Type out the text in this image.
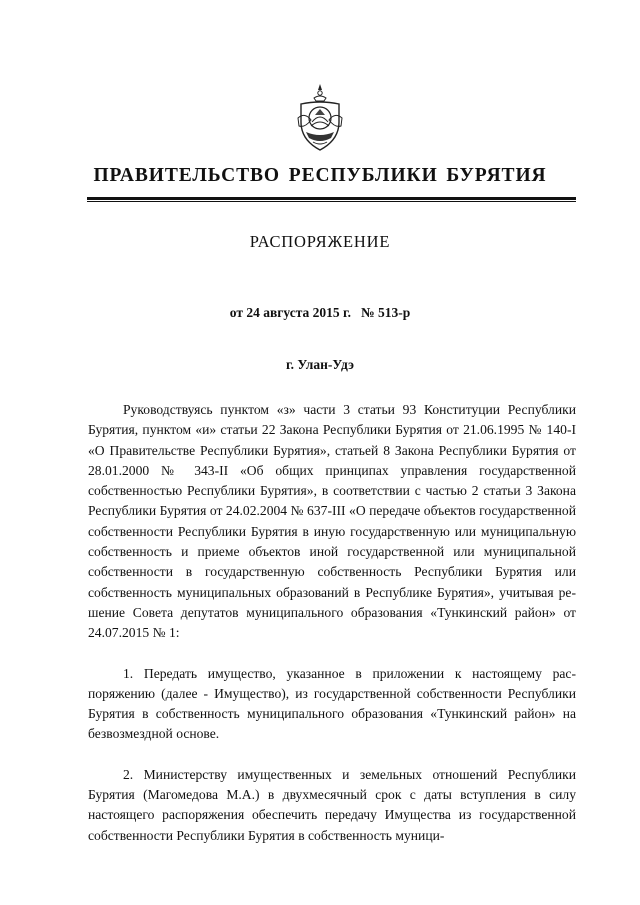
ПРАВИТЕЛЬСТВО РЕСПУБЛИКИ БУРЯТИЯ
РАСПОРЯЖЕНИЕ
от 24 августа 2015 г. № 513-р
г. Улан-Удэ

Руководствуясь пунктом «з» части 3 статьи 93 Конституции Республики Бурятия, пунктом «и» статьи 22 Закона Республики Бурятия от 21.06.1995 № 140-I «О Правительстве Республики Бурятия», статьей 8 Закона Республики Бурятия от 28.01.2000 № 343-II «Об общих принципах управления государственной собственностью Республики Бурятия», в соответствии с частью 2 статьи 3 Закона Республики Бурятия от 24.02.2004 № 637-III «О передаче объектов государственной собственности Республики Бурятия в иную государственную или муниципальную собственность и приеме объектов иной государственной или муниципальной собственности в государственную собственность Республики Бурятия или собственность муниципальных образований в Республике Бурятия», учитывая решение Совета депутатов муниципального образования «Тункинский район» от 24.07.2015 № 1:

1. Передать имущество, указанное в приложении к настоящему распоряжению (далее - Имущество), из государственной собственности Республики Бурятия в собственность муниципального образования «Тункинский район» на безвозмездной основе.

2. Министерству имущественных и земельных отношений Республики Бурятия (Магомедова М.А.) в двухмесячный срок с даты вступления в силу настоящего распоряжения обеспечить передачу Имущества из государственной собственности Республики Бурятия в собственность муници-
